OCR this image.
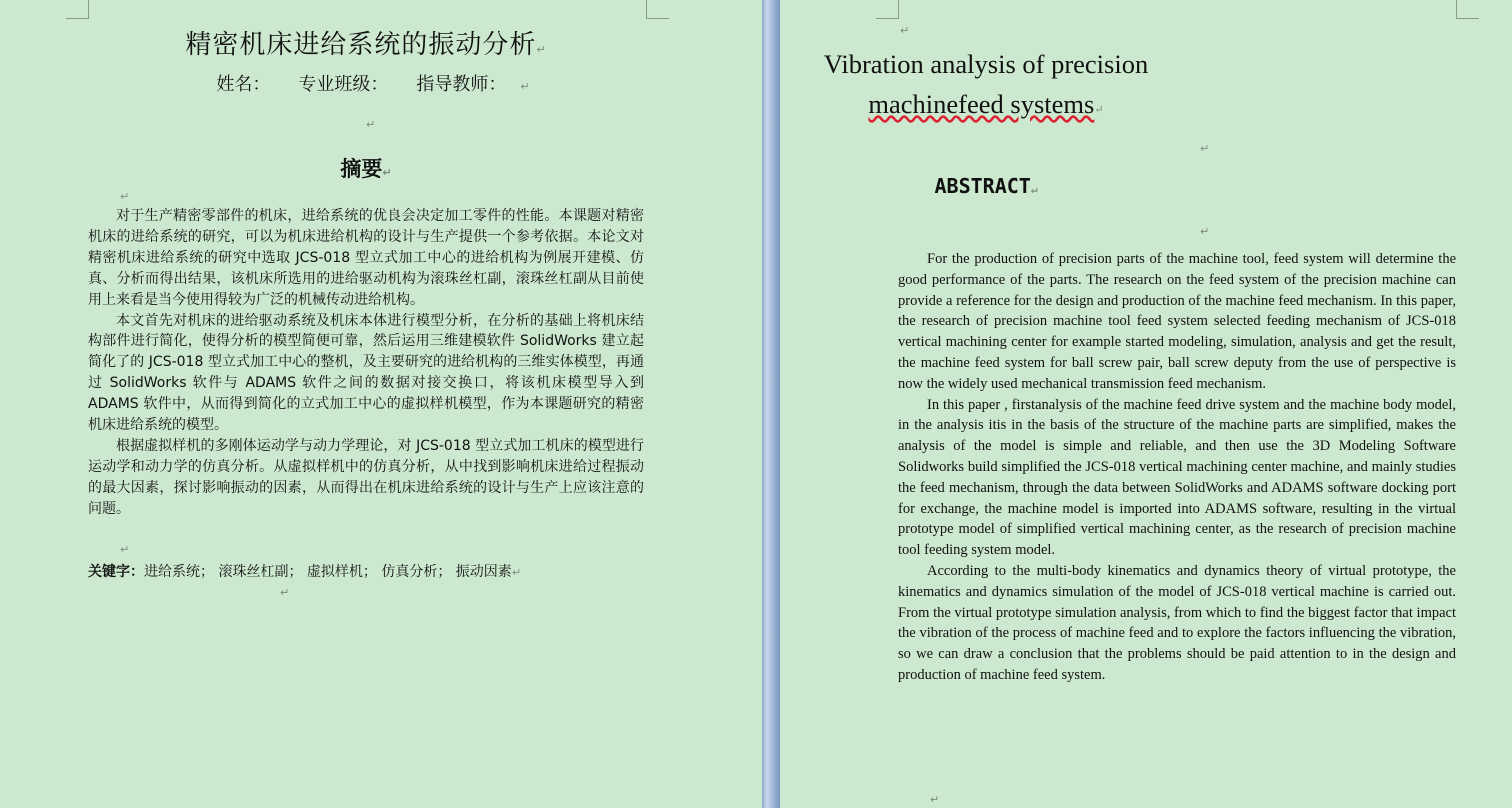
精密机床进给系统的振动分析↵
姓名： 专业班级： 指导教师： ↵
↵
摘要↵
↵

对于生产精密零部件的机床，进给系统的优良会决定加工零件的性能。本课题对精密机床的进给系统的研究，可以为机床进给机构的设计与生产提供一个参考依据。本论文对精密机床进给系统的研究中选取 JCS-018 型立式加工中心的进给机构为例展开建模、仿真、分析而得出结果，该机床所选用的进给驱动机构为滚珠丝杠副，滚珠丝杠副从目前使用上来看是当今使用得较为广泛的机械传动进给机构。

本文首先对机床的进给驱动系统及机床本体进行模型分析，在分析的基础上将机床结构部件进行简化，使得分析的模型简便可靠，然后运用三维建模软件 SolidWorks 建立起简化了的 JCS-018 型立式加工中心的整机，及主要研究的进给机构的三维实体模型，再通过 SolidWorks 软件与 ADAMS 软件之间的数据对接交换口，将该机床模型导入到 ADAMS 软件中，从而得到简化的立式加工中心的虚拟样机模型，作为本课题研究的精密机床进给系统的模型。

根据虚拟样机的多刚体运动学与动力学理论，对 JCS-018 型立式加工机床的模型进行运动学和动力学的仿真分析。从虚拟样机中的仿真分析，从中找到影响机床进给过程振动的最大因素，探讨影响振动的因素，从而得出在机床进给系统的设计与生产上应该注意的问题。

↵
关键字：进给系统； 滚珠丝杠副； 虚拟样机； 仿真分析； 振动因素↵
↵
↵
Vibration analysis of precision
machinefeed systems↵
↵
ABSTRACT↵
↵

For the production of precision parts of the machine tool, feed system will determine the good performance of the parts. The research on the feed system of the precision machine can provide a reference for the design and production of the machine feed mechanism. In this paper, the research of precision machine tool feed system selected feeding mechanism of JCS-018 vertical machining center for example started modeling, simulation, analysis and get the result, the machine feed system for ball screw pair, ball screw deputy from the use of perspective is now the widely used mechanical transmission feed mechanism.

In this paper , firstanalysis of the machine feed drive system and the machine body model, in the analysis itis in the basis of the structure of the machine parts are simplified, makes the analysis of the model is simple and reliable, and then use the 3D Modeling Software Solidworks build simplified the JCS-018 vertical machining center machine, and mainly studies the feed mechanism, through the data between SolidWorks and ADAMS software docking port for exchange, the machine model is imported into ADAMS software, resulting in the virtual prototype model of simplified vertical machining center, as the research of precision machine tool feeding system model.

According to the multi-body kinematics and dynamics theory of virtual prototype, the kinematics and dynamics simulation of the model of JCS-018 vertical machine is carried out. From the virtual prototype simulation analysis, from which to find the biggest factor that impact the vibration of the process of machine feed and to explore the factors influencing the vibration, so we can draw a conclusion that the problems should be paid attention to in the design and production of machine feed system.

↵
